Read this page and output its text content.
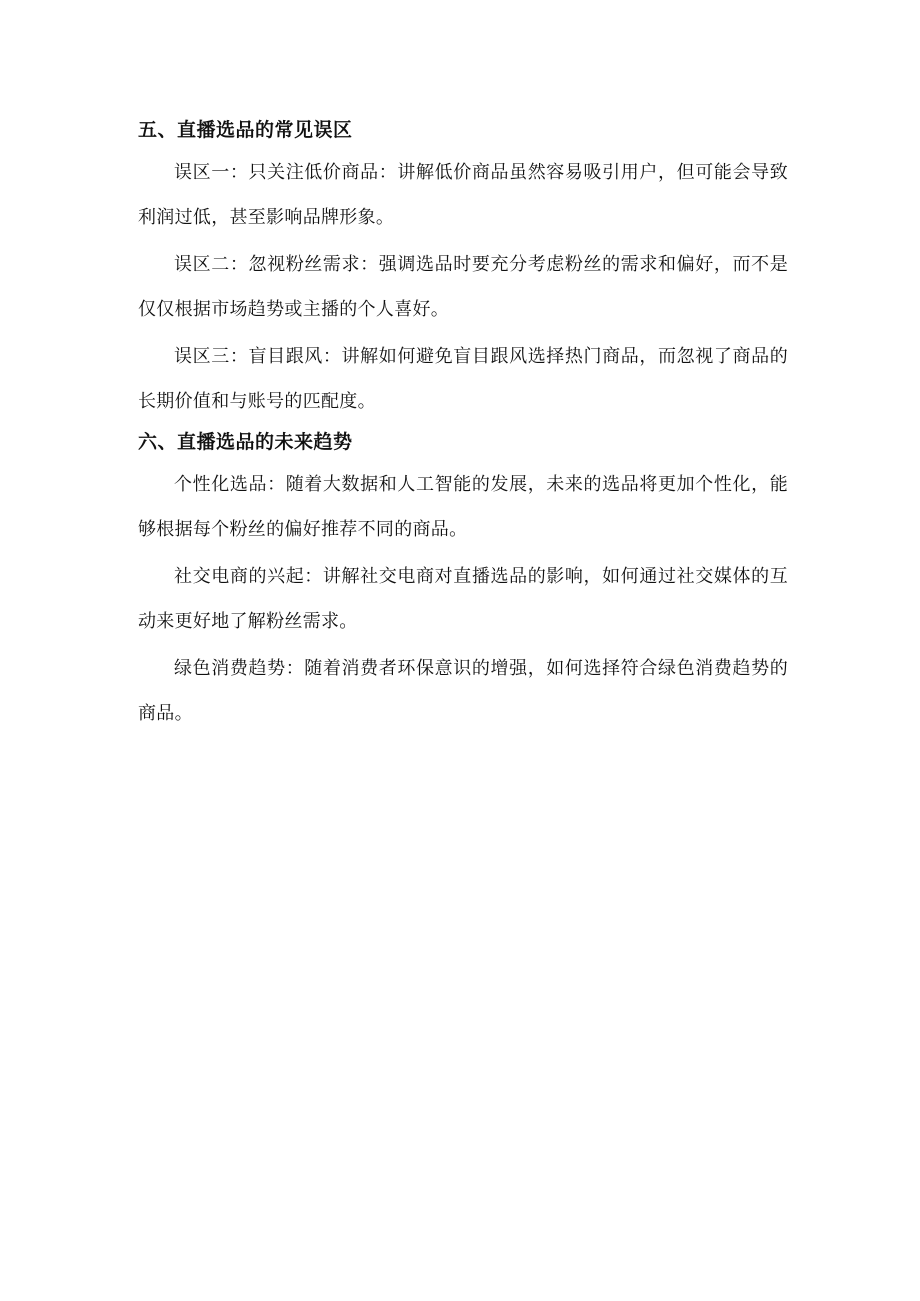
五、直播选品的常见误区

误区一：只关注低价商品：讲解低价商品虽然容易吸引用户，但可能会导致利润过低，甚至影响品牌形象。

误区二：忽视粉丝需求：强调选品时要充分考虑粉丝的需求和偏好，而不是仅仅根据市场趋势或主播的个人喜好。

误区三：盲目跟风：讲解如何避免盲目跟风选择热门商品，而忽视了商品的长期价值和与账号的匹配度。

六、直播选品的未来趋势

个性化选品：随着大数据和人工智能的发展，未来的选品将更加个性化，能够根据每个粉丝的偏好推荐不同的商品。

社交电商的兴起：讲解社交电商对直播选品的影响，如何通过社交媒体的互动来更好地了解粉丝需求。

绿色消费趋势：随着消费者环保意识的增强，如何选择符合绿色消费趋势的商品。
